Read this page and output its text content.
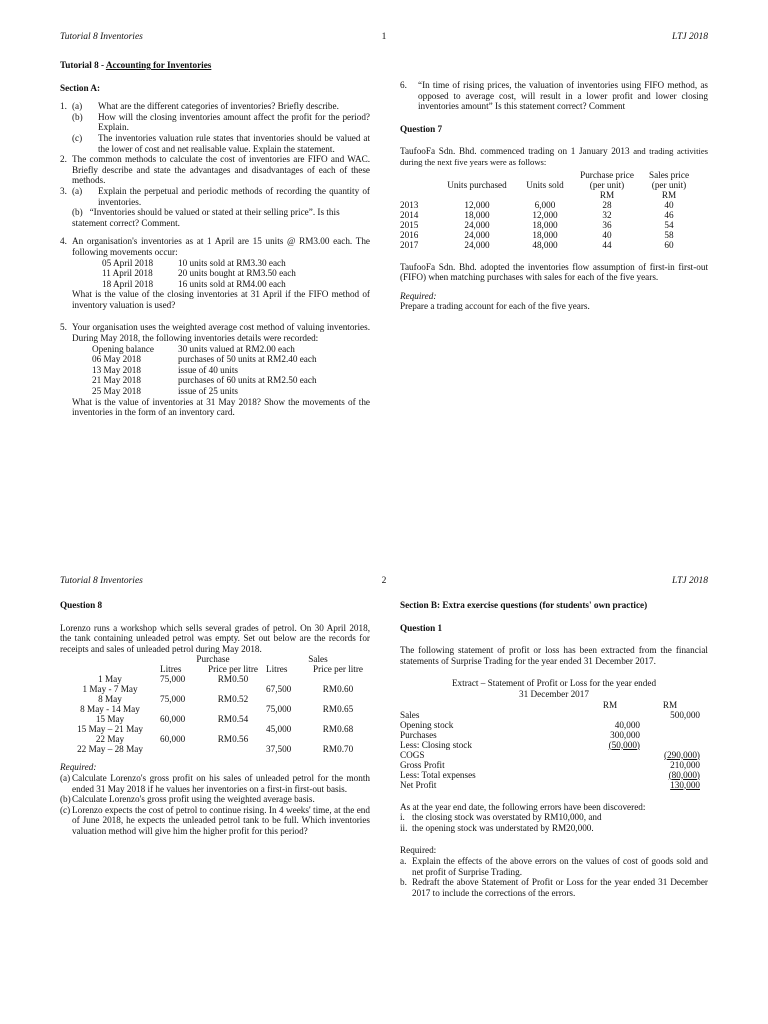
Tutorial 8 Inventories	1	LTJ 2018

Tutorial 8 - Accounting for Inventories

Section A:

1. (a)	What are the different categories of inventories? Briefly describe.

(b)	How will the closing inventories amount affect the profit for the period? Explain.

(c)	The inventories valuation rule states that inventories should be valued at the lower of cost and net realisable value. Explain the statement.

2. The common methods to calculate the cost of inventories are FIFO and WAC. Briefly describe and state the advantages and disadvantages of each of these methods.

3. (a)	Explain the perpetual and periodic methods of recording the quantity of inventories.

(b) “Inventories should be valued or stated at their selling price”. Is this statement correct? Comment.

4. An organisation's inventories as at 1 April are 15 units @ RM3.00 each. The following movements occur:

05 April 2018	10 units sold at RM3.30 each
11 April 2018	20 units bought at RM3.50 each
18 April 2018	16 units sold at RM4.00 each

What is the value of the closing inventories at 31 April if the FIFO method of inventory valuation is used?

5. Your organisation uses the weighted average cost method of valuing inventories. During May 2018, the following inventories details were recorded:

Opening balance	30 units valued at RM2.00 each
06 May 2018	purchases of 50 units at RM2.40 each
13 May 2018	issue of 40 units
21 May 2018	purchases of 60 units at RM2.50 each
25 May 2018	issue of 25 units

What is the value of inventories at 31 May 2018? Show the movements of the inventories in the form of an inventory card.

6.	“In time of rising prices, the valuation of inventories using FIFO method, as opposed to average cost, will result in a lower profit and lower closing inventories amount” Is this statement correct? Comment

Question 7

TaufooFa Sdn. Bhd. commenced trading on 1 January 2013 and trading activities during the next five years were as follows:

			Purchase price	Sales price
	Units purchased	Units sold	(per unit)	(per unit)
			RM	RM
2013	12,000	6,000	28	40
2014	18,000	12,000	32	46
2015	24,000	18,000	36	54
2016	24,000	18,000	40	58
2017	24,000	48,000	44	60

TaufooFa Sdn. Bhd. adopted the inventories flow assumption of first-in first-out (FIFO) when matching purchases with sales for each of the five years.

Required:

Prepare a trading account for each of the five years.

Tutorial 8 Inventories	2	LTJ 2018

Question 8

Lorenzo runs a workshop which sells several grades of petrol. On 30 April 2018, the tank containing unleaded petrol was empty. Set out below are the records for receipts and sales of unleaded petrol during May 2018.

	Purchase		Sales	
	Litres	Price per litre	Litres	Price per litre
1 May	75,000	RM0.50		
1 May - 7 May			67,500	RM0.60
8 May	75,000	RM0.52		
8 May - 14 May			75,000	RM0.65
15 May	60,000	RM0.54		
15 May – 21 May			45,000	RM0.68
22 May	60,000	RM0.56		
22 May – 28 May			37,500	RM0.70

Required:

(a) Calculate Lorenzo's gross profit on his sales of unleaded petrol for the month ended 31 May 2018 if he values her inventories on a first-in first-out basis.

(b) Calculate Lorenzo's gross profit using the weighted average basis.

(c) Lorenzo expects the cost of petrol to continue rising. In 4 weeks' time, at the end of June 2018, he expects the unleaded petrol tank to be full. Which inventories valuation method will give him the higher profit for this period?

Section B: Extra exercise questions (for students' own practice)

Question 1

The following statement of profit or loss has been extracted from the financial statements of Surprise Trading for the year ended 31 December 2017.

Extract – Statement of Profit or Loss for the year ended

31 December 2017

	RM	RM
Sales		500,000
Opening stock	40,000	
Purchases	300,000	
Less: Closing stock	(50,000)	
COGS		(290,000)
Gross Profit		210,000
Less: Total expenses		(80,000)
Net Profit		130,000

As at the year end date, the following errors have been discovered:

i. the closing stock was overstated by RM10,000, and

ii. the opening stock was understated by RM20,000.

Required:

a. Explain the effects of the above errors on the values of cost of goods sold and net profit of Surprise Trading.

b. Redraft the above Statement of Profit or Loss for the year ended 31 December 2017 to include the corrections of the errors.
